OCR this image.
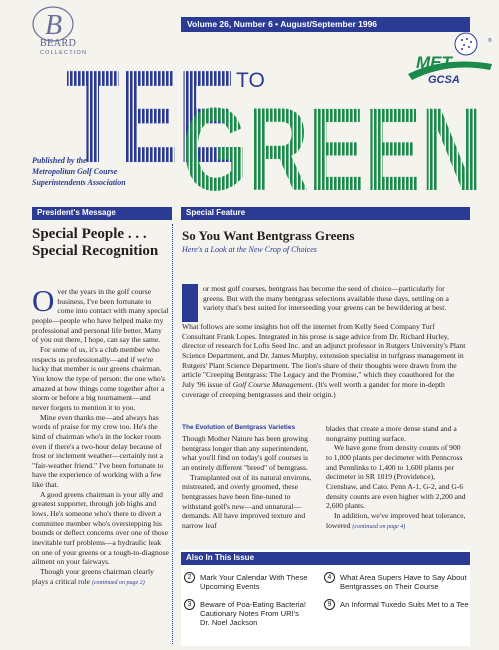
B
BEARD
COLLECTION
Volume 26, Number 6 • August/September 1996
TEE TO
GREEN
MET
GCSA
®
Published by the
Metropolitan Golf Course
Superintendents Association
President's Message	Special Feature
Special People . . .
Special Recognition

Over the years in the golf course business, I've been fortunate to come into contact with many special people—people who have helped make my professional and personal life better. Many of you out there, I hope, can say the same.

For some of us, it's a club member who respects us professionally—and if we're lucky that member is our greens chairman. You know the type of person: the one who's amazed at how things come together after a storm or before a big tournament—and never forgets to mention it to you.

Mine even thanks me—and always has words of praise for my crew too. He's the kind of chairman who's in the locker room even if there's a two-hour delay because of frost or inclement weather—certainly not a "fair-weather friend." I've been fortunate to have the experience of working with a few like that.

A good greens chairman is your ally and greatest supporter, through job highs and lows. He's someone who's there to divert a committee member who's overstepping his bounds or deflect concerns over one of those inevitable turf problems—a hydraulic leak on one of your greens or a tough-to-diagnose ailment on your fairways.

Though your greens chairman clearly plays a critical role (continued on page 2)

So You Want Bentgrass Greens
Here's a Look at the New Crop of Choices

or most golf courses, bentgrass has become the seed of choice—particularly for greens. But with the many bentgrass selections available these days, settling on a variety that's best suited for interseeding your greens can be bewildering at best.

What follows are some insights hot off the internet from Kelly Seed Company Turf Consultant Frank Lopes. Integrated in his prose is sage advice from Dr. Richard Hurley, director of research for Lofts Seed Inc. and an adjunct professor in Rutgers University's Plant Science Department, and Dr. James Murphy, extension specialist in turfgrass management in Rutgers' Plant Science Department. The lion's share of their thoughts were drawn from the article "Creeping Bentgrass: The Legacy and the Promise," which they coauthored for the July '96 issue of Golf Course Management. (It's well worth a gander for more in-depth coverage of creeping bentgrasses and their origin.)

The Evolution of Bentgrass Varieties

Though Mother Nature has been growing bentgrass longer than any superintendent, what you'll find on today's golf courses is an entirely different "breed" of bentgrass.

Transplanted out of its natural environs, mistreated, and overly groomed, these bentgrasses have been fine-tuned to withstand golf's new—and unnatural—demands. All have improved texture and narrow leaf

blades that create a more dense stand and a nongrainy putting surface.

We have gone from density counts of 900 to 1,000 plants per decimeter with Penncross and Pennlinks to 1,400 to 1,600 plants per decimeter in SR 1019 (Providence), Crenshaw, and Cato. Penn A-1, G-2, and G-6 density counts are even higher with 2,200 and 2,600 plants.

In addition, we've improved heat tolerance, lowered (continued on page 4)

Also In This Issue
2	Mark Your Calendar With These
Upcoming Events
3	Beware of Poa-Eating Bacteria!
Cautionary Notes From URI's
Dr. Noel Jackson
4	What Area Supers Have to Say About
Bentgrasses on Their Course
9	An Informal Tuxedo Suits Met to a Tee
